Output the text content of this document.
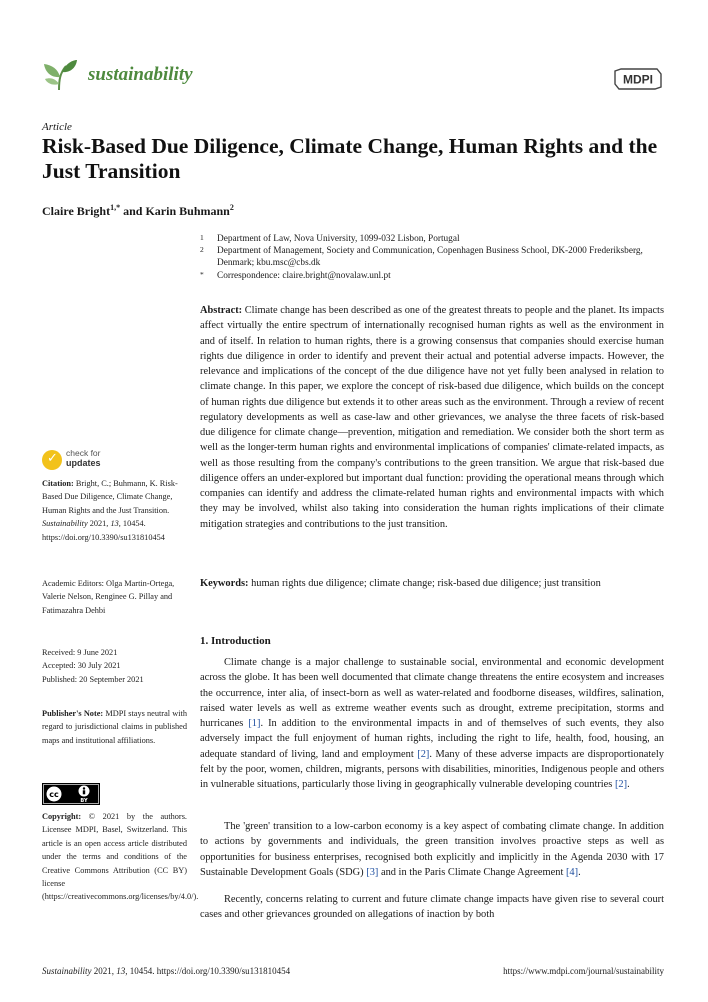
sustainability	MDPI
Article
Risk-Based Due Diligence, Climate Change, Human Rights and the Just Transition
Claire Bright$^{1,*}$ and Karin Buhmann$^2$
1 Department of Law, Nova University, 1099-032 Lisbon, Portugal
2 Department of Management, Society and Communication, Copenhagen Business School, DK-2000 Frederiksberg, Denmark; kbu.msc@cbs.dk
* Correspondence: claire.bright@novalaw.unl.pt
Abstract: Climate change has been described as one of the greatest threats to people and the planet. Its impacts affect virtually the entire spectrum of internationally recognised human rights as well as the environment in and of itself. In relation to human rights, there is a growing consensus that companies should exercise human rights due diligence in order to identify and prevent their actual and potential adverse impacts. However, the relevance and implications of the concept of the due diligence have not yet fully been analysed in relation to climate change. In this paper, we explore the concept of risk-based due diligence, which builds on the concept of human rights due diligence but extends it to other areas such as the environment. Through a review of recent regulatory developments as well as case-law and other grievances, we analyse the three facets of risk-based due diligence for climate change—prevention, mitigation and remediation. We consider both the short term as well as the longer-term human rights and environmental implications of companies' climate-related impacts, as well as those resulting from the company's contributions to the green transition. We argue that risk-based due diligence offers an under-explored but important dual function: providing the operational means through which companies can identify and address the climate-related human rights and environmental impacts with which they may be involved, whilst also taking into consideration the human rights implications of their climate mitigation strategies and contributions to the just transition.
Keywords: human rights due diligence; climate change; risk-based due diligence; just transition
1. Introduction
Climate change is a major challenge to sustainable social, environmental and economic development across the globe. It has been well documented that climate change threatens the entire ecosystem and increases the occurrence, inter alia, of insect-born as well as water-related and foodborne diseases, wildfires, salination, raised water levels as well as extreme weather events such as drought, extreme precipitation, storms and hurricanes [1]. In addition to the environmental impacts in and of themselves of such events, they also adversely impact the full enjoyment of human rights, including the right to life, health, food, housing, an adequate standard of living, land and employment [2]. Many of these adverse impacts are disproportionately felt by the poor, women, children, migrants, persons with disabilities, minorities, Indigenous people and others in vulnerable situations, particularly those living in geographically vulnerable developing countries [2].
The 'green' transition to a low-carbon economy is a key aspect of combating climate change. In addition to actions by governments and individuals, the green transition involves proactive steps as well as opportunities for business enterprises, recognised both explicitly and implicitly in the Agenda 2030 with 17 Sustainable Development Goals (SDG) [3] and in the Paris Climate Change Agreement [4].
Recently, concerns relating to current and future climate change impacts have given rise to several court cases and other grievances grounded on allegations of inaction by both
✓ check for
updates
Citation: Bright, C.; Buhmann, K. Risk-Based Due Diligence, Climate Change, Human Rights and the Just Transition. Sustainability 2021, 13, 10454. https://doi.org/10.3390/su131810454
Academic Editors: Olga Martin-Ortega, Valerie Nelson, Renginee G. Pillay and Fatimazahra Dehbi
Received: 9 June 2021
Accepted: 30 July 2021
Published: 20 September 2021
Publisher's Note: MDPI stays neutral with regard to jurisdictional claims in published maps and institutional affiliations.
cc
BY
Copyright: © 2021 by the authors. Licensee MDPI, Basel, Switzerland. This article is an open access article distributed under the terms and conditions of the Creative Commons Attribution (CC BY) license (https://creativecommons.org/licenses/by/4.0/).
Sustainability 2021, 13, 10454. https://doi.org/10.3390/su131810454	https://www.mdpi.com/journal/sustainability
